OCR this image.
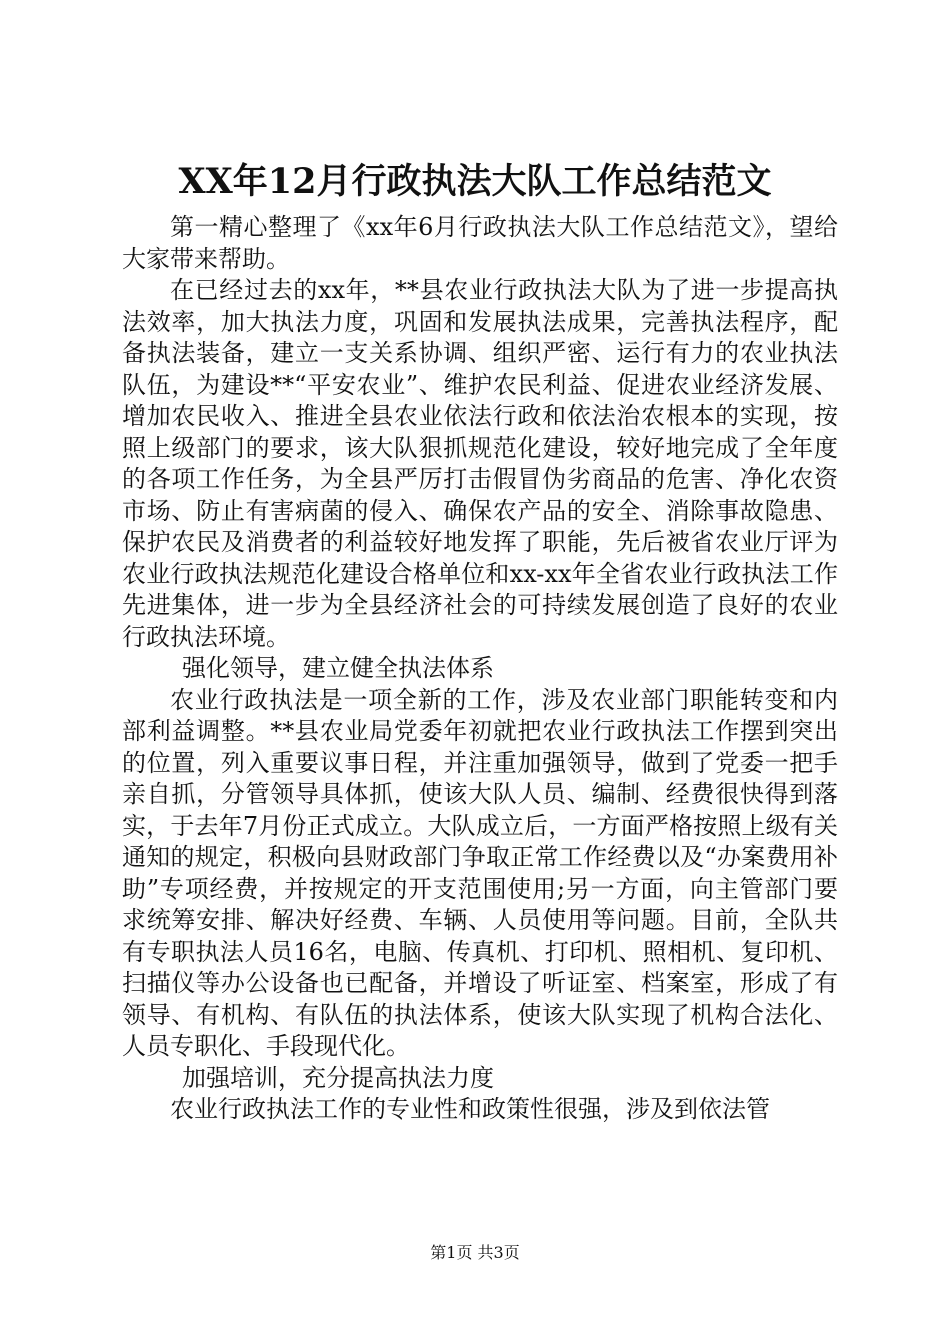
XX年12月行政执法大队工作总结范文

第一精心整理了《xx年6月行政执法大队工作总结范文》，望给大家带来帮助。

在已经过去的xx年，**县农业行政执法大队为了进一步提高执法效率，加大执法力度，巩固和发展执法成果，完善执法程序，配备执法装备，建立一支关系协调、组织严密、运行有力的农业执法队伍，为建设**“平安农业”、维护农民利益、促进农业经济发展、增加农民收入、推进全县农业依法行政和依法治农根本的实现，按照上级部门的要求，该大队狠抓规范化建设，较好地完成了全年度的各项工作任务，为全县严厉打击假冒伪劣商品的危害、净化农资市场、防止有害病菌的侵入、确保农产品的安全、消除事故隐患、保护农民及消费者的利益较好地发挥了职能，先后被省农业厅评为农业行政执法规范化建设合格单位和xx-xx年全省农业行政执法工作先进集体，进一步为全县经济社会的可持续发展创造了良好的农业行政执法环境。

强化领导，建立健全执法体系

农业行政执法是一项全新的工作，涉及农业部门职能转变和内部利益调整。**县农业局党委年初就把农业行政执法工作摆到突出的位置，列入重要议事日程，并注重加强领导，做到了党委一把手亲自抓，分管领导具体抓，使该大队人员、编制、经费很快得到落实，于去年7月份正式成立。大队成立后，一方面严格按照上级有关通知的规定，积极向县财政部门争取正常工作经费以及“办案费用补助”专项经费，并按规定的开支范围使用;另一方面，向主管部门要求统筹安排、解决好经费、车辆、人员使用等问题。目前，全队共有专职执法人员16名，电脑、传真机、打印机、照相机、复印机、扫描仪等办公设备也已配备，并增设了听证室、档案室，形成了有领导、有机构、有队伍的执法体系，使该大队实现了机构合法化、人员专职化、手段现代化。

加强培训，充分提高执法力度

农业行政执法工作的专业性和政策性很强，涉及到依法管

第1页 共3页
